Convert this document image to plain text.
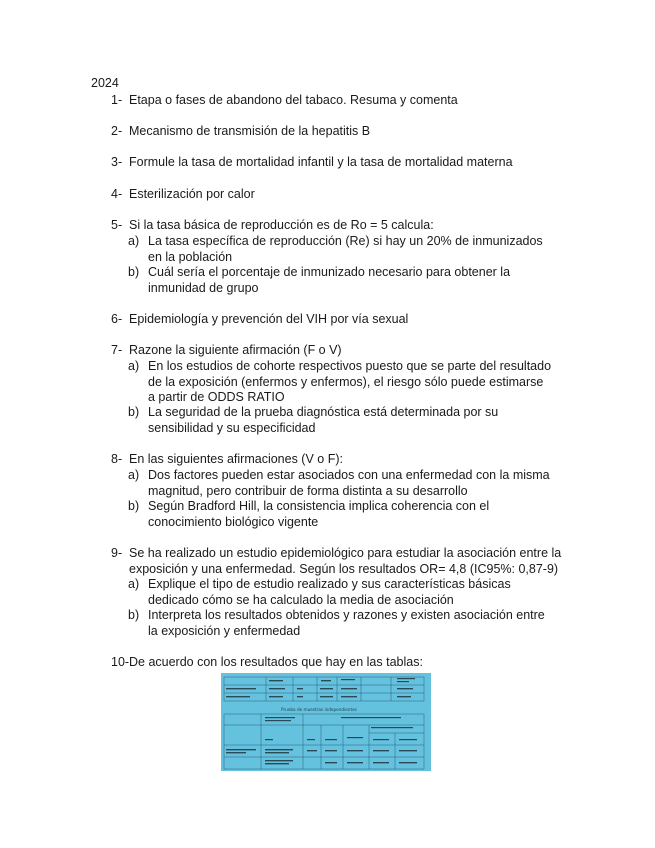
2024
1- Etapa o fases de abandono del tabaco. Resuma y comenta
2- Mecanismo de transmisión de la hepatitis B
3- Formule la tasa de mortalidad infantil y la tasa de mortalidad materna
4- Esterilización por calor
5- Si la tasa básica de reproducción es de Ro = 5 calcula:
a) La tasa específica de reproducción (Re) si hay un 20% de inmunizados en la población
b) Cuál sería el porcentaje de inmunizado necesario para obtener la inmunidad de grupo
6- Epidemiología y prevención del VIH por vía sexual
7- Razone la siguiente afirmación (F o V)
a) En los estudios de cohorte respectivos puesto que se parte del resultado de la exposición (enfermos y enfermos), el riesgo sólo puede estimarse a partir de ODDS RATIO
b) La seguridad de la prueba diagnóstica está determinada por su sensibilidad y su especificidad
8- En las siguientes afirmaciones (V o F):
a) Dos factores pueden estar asociados con una enfermedad con la misma magnitud, pero contribuir de forma distinta a su desarrollo
b) Según Bradford Hill, la consistencia implica coherencia con el conocimiento biológico vigente
9- Se ha realizado un estudio epidemiológico para estudiar la asociación entre la exposición y una enfermedad. Según los resultados OR= 4,8 (IC95%: 0,87-9)
a) Explique el tipo de estudio realizado y sus características básicas dedicado cómo se ha calculado la media de asociación
b) Interpreta los resultados obtenidos y razones y existen asociación entre la exposición y enfermedad
10- De acuerdo con los resultados que hay en las tablas:
Prueba de muestras independientes
